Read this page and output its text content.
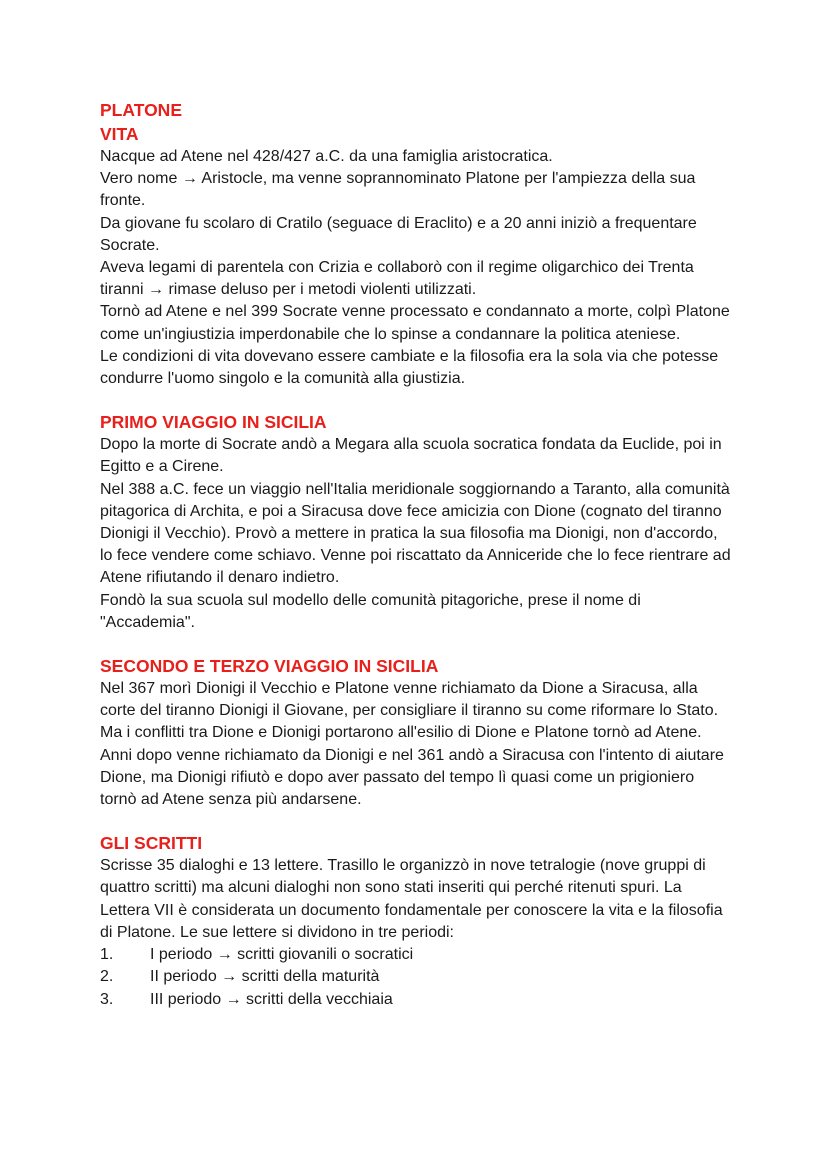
PLATONE
VITA

Nacque ad Atene nel 428/427 a.C. da una famiglia aristocratica.

Vero nome → Aristocle, ma venne soprannominato Platone per l'ampiezza della sua fronte.

Da giovane fu scolaro di Cratilo (seguace di Eraclito) e a 20 anni iniziò a frequentare Socrate.

Aveva legami di parentela con Crizia e collaborò con il regime oligarchico dei Trenta tiranni → rimase deluso per i metodi violenti utilizzati.

Tornò ad Atene e nel 399 Socrate venne processato e condannato a morte, colpì Platone come un'ingiustizia imperdonabile che lo spinse a condannare la politica ateniese.

Le condizioni di vita dovevano essere cambiate e la filosofia era la sola via che potesse condurre l'uomo singolo e la comunità alla giustizia.

PRIMO VIAGGIO IN SICILIA

Dopo la morte di Socrate andò a Megara alla scuola socratica fondata da Euclide, poi in Egitto e a Cirene.

Nel 388 a.C. fece un viaggio nell'Italia meridionale soggiornando a Taranto, alla comunità pitagorica di Archita, e poi a Siracusa dove fece amicizia con Dione (cognato del tiranno Dionigi il Vecchio). Provò a mettere in pratica la sua filosofia ma Dionigi, non d'accordo, lo fece vendere come schiavo. Venne poi riscattato da Anniceride che lo fece rientrare ad Atene rifiutando il denaro indietro.

Fondò la sua scuola sul modello delle comunità pitagoriche, prese il nome di "Accademia".

SECONDO E TERZO VIAGGIO IN SICILIA

Nel 367 morì Dionigi il Vecchio e Platone venne richiamato da Dione a Siracusa, alla corte del tiranno Dionigi il Giovane, per consigliare il tiranno su come riformare lo Stato. Ma i conflitti tra Dione e Dionigi portarono all'esilio di Dione e Platone tornò ad Atene.

Anni dopo venne richiamato da Dionigi e nel 361 andò a Siracusa con l'intento di aiutare Dione, ma Dionigi rifiutò e dopo aver passato del tempo lì quasi come un prigioniero tornò ad Atene senza più andarsene.

GLI SCRITTI

Scrisse 35 dialoghi e 13 lettere. Trasillo le organizzò in nove tetralogie (nove gruppi di quattro scritti) ma alcuni dialoghi non sono stati inseriti qui perché ritenuti spuri. La Lettera VII è considerata un documento fondamentale per conoscere la vita e la filosofia di Platone. Le sue lettere si dividono in tre periodi:

1.	I periodo → scritti giovanili o socratici
2.	II periodo → scritti della maturità
3.	III periodo → scritti della vecchiaia
